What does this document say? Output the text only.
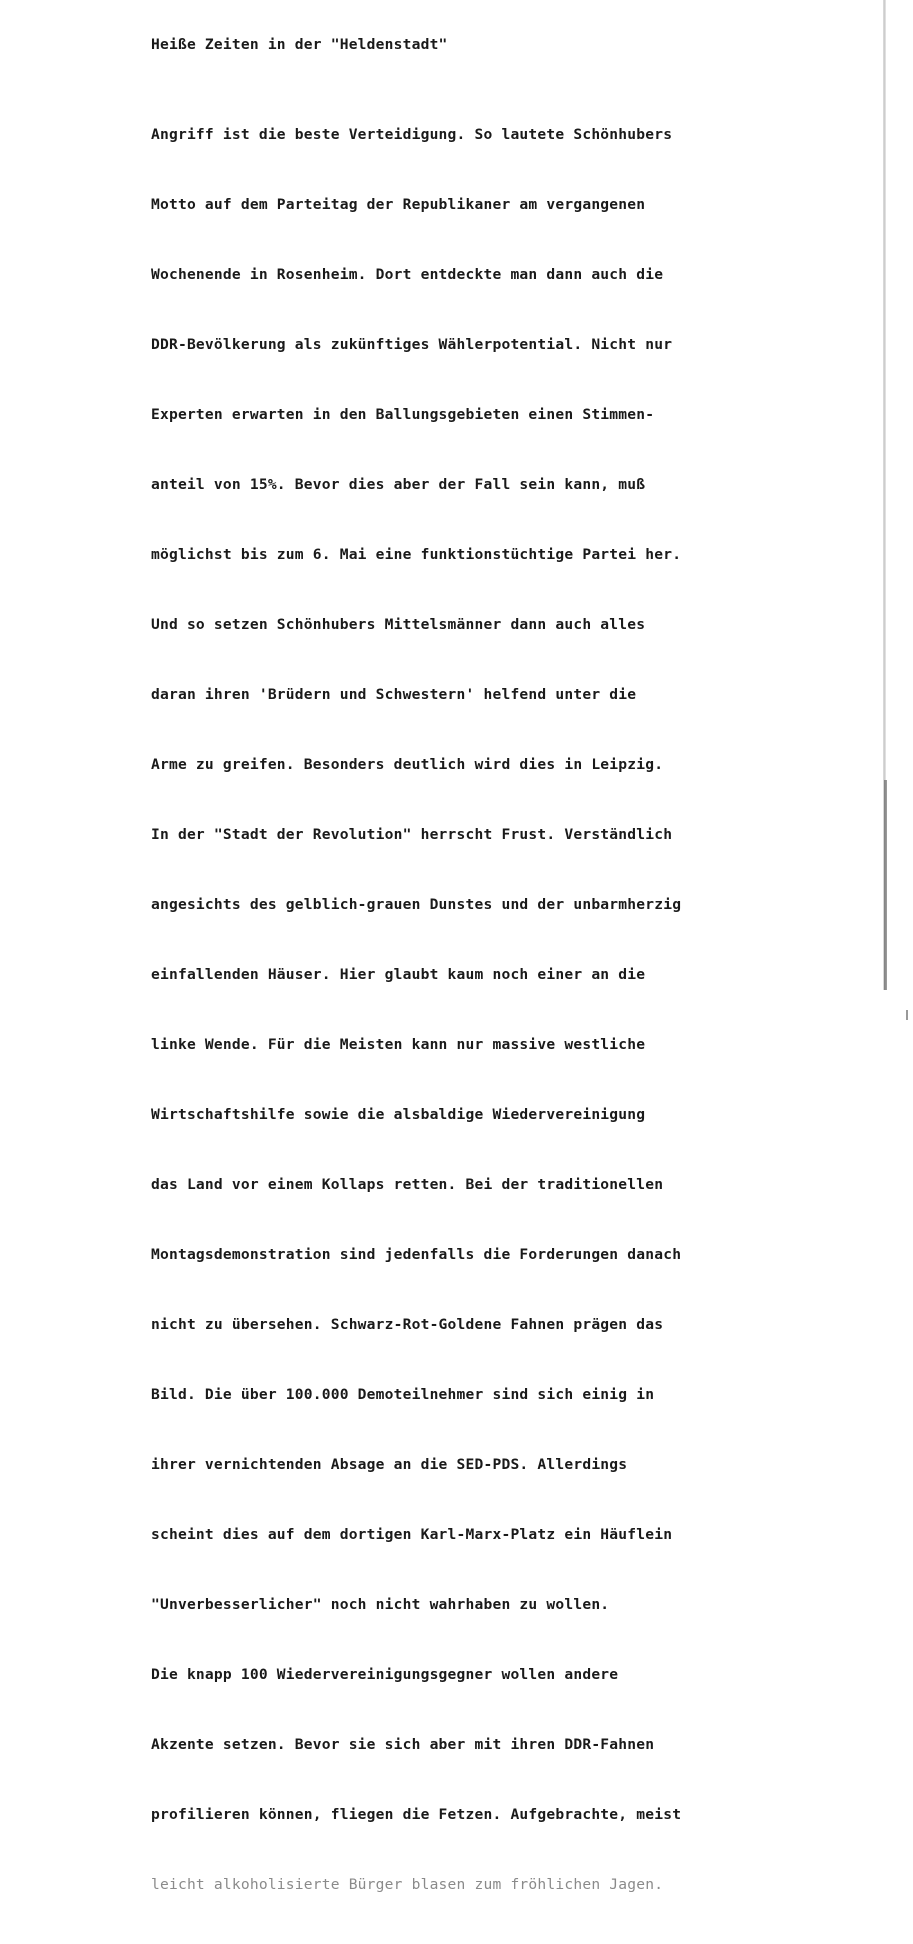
Heiße Zeiten in der "Heldenstadt"

Angriff ist die beste Verteidigung. So lautete Schönhubers

Motto auf dem Parteitag der Republikaner am vergangenen

Wochenende in Rosenheim. Dort entdeckte man dann auch die

DDR-Bevölkerung als zukünftiges Wählerpotential. Nicht nur

Experten erwarten in den Ballungsgebieten einen Stimmen-

anteil von 15%. Bevor dies aber der Fall sein kann, muß

möglichst bis zum 6. Mai eine funktionstüchtige Partei her.

Und so setzen Schönhubers Mittelsmänner dann auch alles

daran ihren 'Brüdern und Schwestern' helfend unter die

Arme zu greifen. Besonders deutlich wird dies in Leipzig.

In der "Stadt der Revolution" herrscht Frust. Verständlich

angesichts des gelblich-grauen Dunstes und der unbarmherzig

einfallenden Häuser. Hier glaubt kaum noch einer an die

linke Wende. Für die Meisten kann nur massive westliche

Wirtschaftshilfe sowie die alsbaldige Wiedervereinigung

das Land vor einem Kollaps retten. Bei der traditionellen

Montagsdemonstration sind jedenfalls die Forderungen danach

nicht zu übersehen. Schwarz-Rot-Goldene Fahnen prägen das

Bild. Die über 100.000 Demoteilnehmer sind sich einig in

ihrer vernichtenden Absage an die SED-PDS. Allerdings

scheint dies auf dem dortigen Karl-Marx-Platz ein Häuflein

"Unverbesserlicher" noch nicht wahrhaben zu wollen.

Die knapp 100 Wiedervereinigungsgegner wollen andere

Akzente setzen. Bevor sie sich aber mit ihren DDR-Fahnen

profilieren können, fliegen die Fetzen. Aufgebrachte, meist

leicht alkoholisierte Bürger blasen zum fröhlichen Jagen.
